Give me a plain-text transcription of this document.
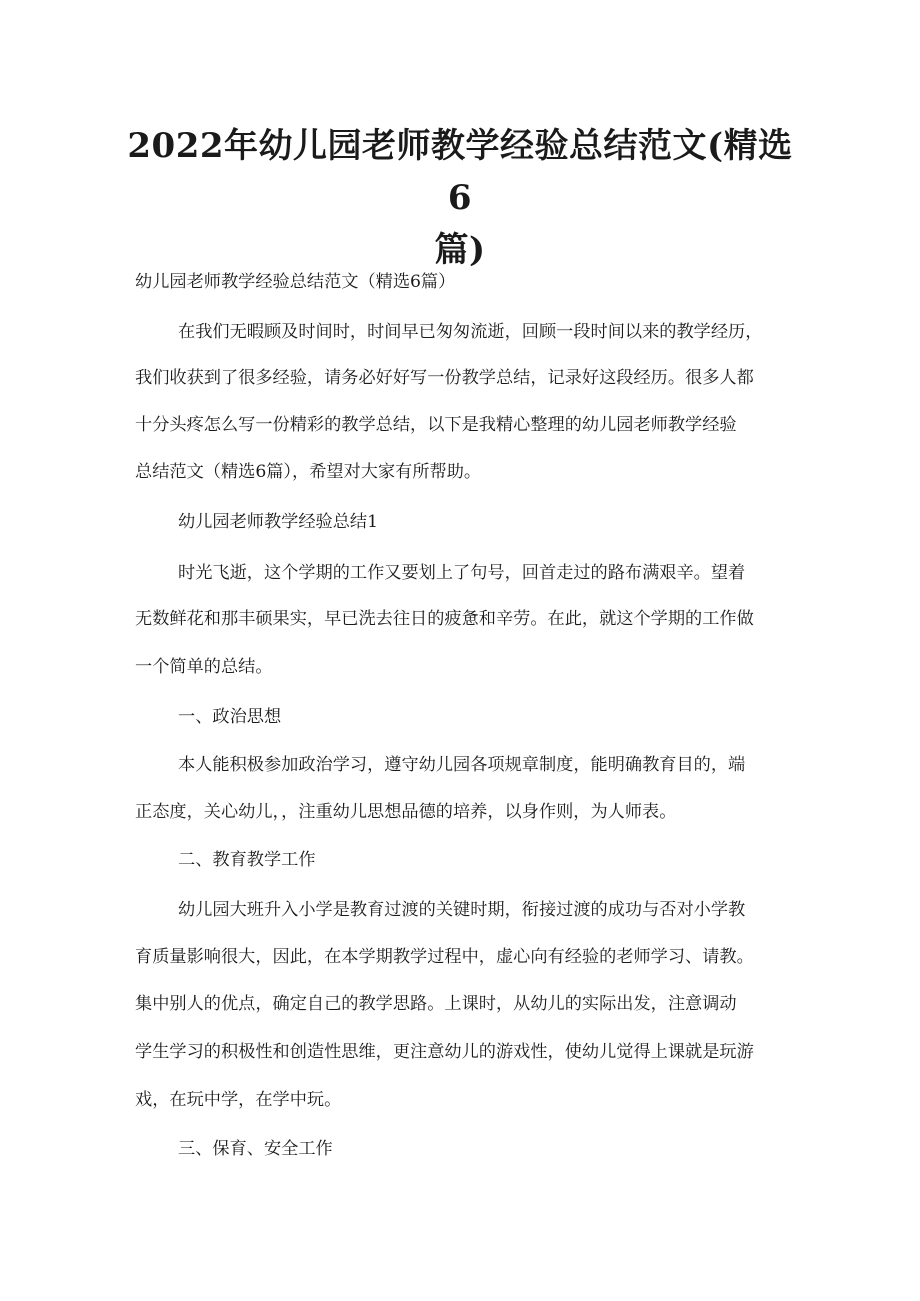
2022年幼儿园老师教学经验总结范文(精选6
篇)
幼儿园老师教学经验总结范文（精选6篇）
在我们无暇顾及时间时，时间早已匆匆流逝，回顾一段时间以来的教学经历，
我们收获到了很多经验，请务必好好写一份教学总结，记录好这段经历。很多人都
十分头疼怎么写一份精彩的教学总结，以下是我精心整理的幼儿园老师教学经验
总结范文（精选6篇），希望对大家有所帮助。
幼儿园老师教学经验总结1
时光飞逝，这个学期的工作又要划上了句号，回首走过的路布满艰辛。望着
无数鲜花和那丰硕果实，早已洗去往日的疲惫和辛劳。在此，就这个学期的工作做
一个简单的总结。
一、政治思想
本人能积极参加政治学习，遵守幼儿园各项规章制度，能明确教育目的，端
正态度，关心幼儿，，注重幼儿思想品德的培养，以身作则，为人师表。
二、教育教学工作
幼儿园大班升入小学是教育过渡的关键时期，衔接过渡的成功与否对小学教
育质量影响很大，因此，在本学期教学过程中，虚心向有经验的老师学习、请教。
集中别人的优点，确定自己的教学思路。上课时，从幼儿的实际出发，注意调动
学生学习的积极性和创造性思维，更注意幼儿的游戏性，使幼儿觉得上课就是玩游
戏，在玩中学，在学中玩。
三、保育、安全工作
